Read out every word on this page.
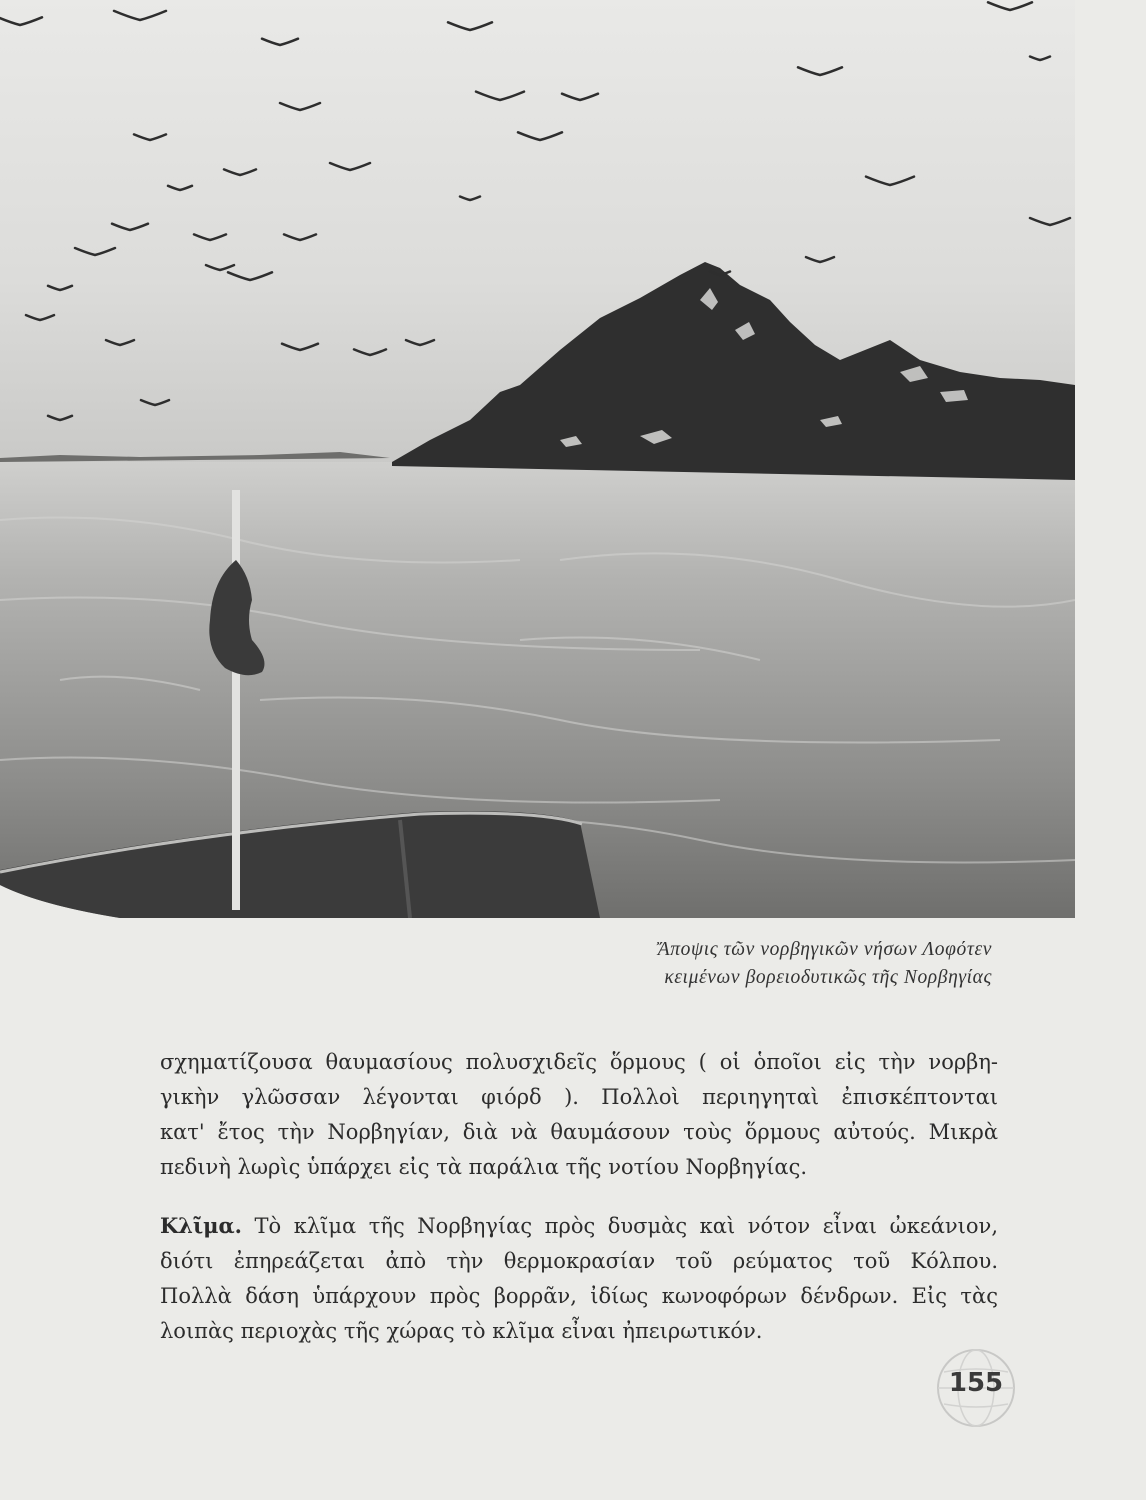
Ἄποψις τῶν νορβηγικῶν νήσων Λοφότεν
κειμένων βορειοδυτικῶς τῆς Νορβηγίας
σχηματίζουσα θαυμασίους πολυσχιδεῖς ὅρμους ( οἱ ὁποῖοι εἰς τὴν νορβη-
γικὴν γλῶσσαν λέγονται φιόρδ ). Πολλοὶ περιηγηταὶ ἐπισκέπτονται
κατ' ἔτος τὴν Νορβηγίαν, διὰ νὰ θαυμάσουν τοὺς ὅρμους αὐτούς. Μικρὰ
πεδινὴ λωρὶς ὑπάρχει εἰς τὰ παράλια τῆς νοτίου Νορβηγίας.
Κλῖμα. Τὸ κλῖμα τῆς Νορβηγίας πρὸς δυσμὰς καὶ νότον εἶναι ὠκεάνιον,
διότι ἐπηρεάζεται ἀπὸ τὴν θερμοκρασίαν τοῦ ρεύματος τοῦ Κόλπου.
Πολλὰ δάση ὑπάρχουν πρὸς βορρᾶν, ἰδίως κωνοφόρων δένδρων. Εἰς τὰς
λοιπὰς περιοχὰς τῆς χώρας τὸ κλῖμα εἶναι ἠπειρωτικόν.
155
